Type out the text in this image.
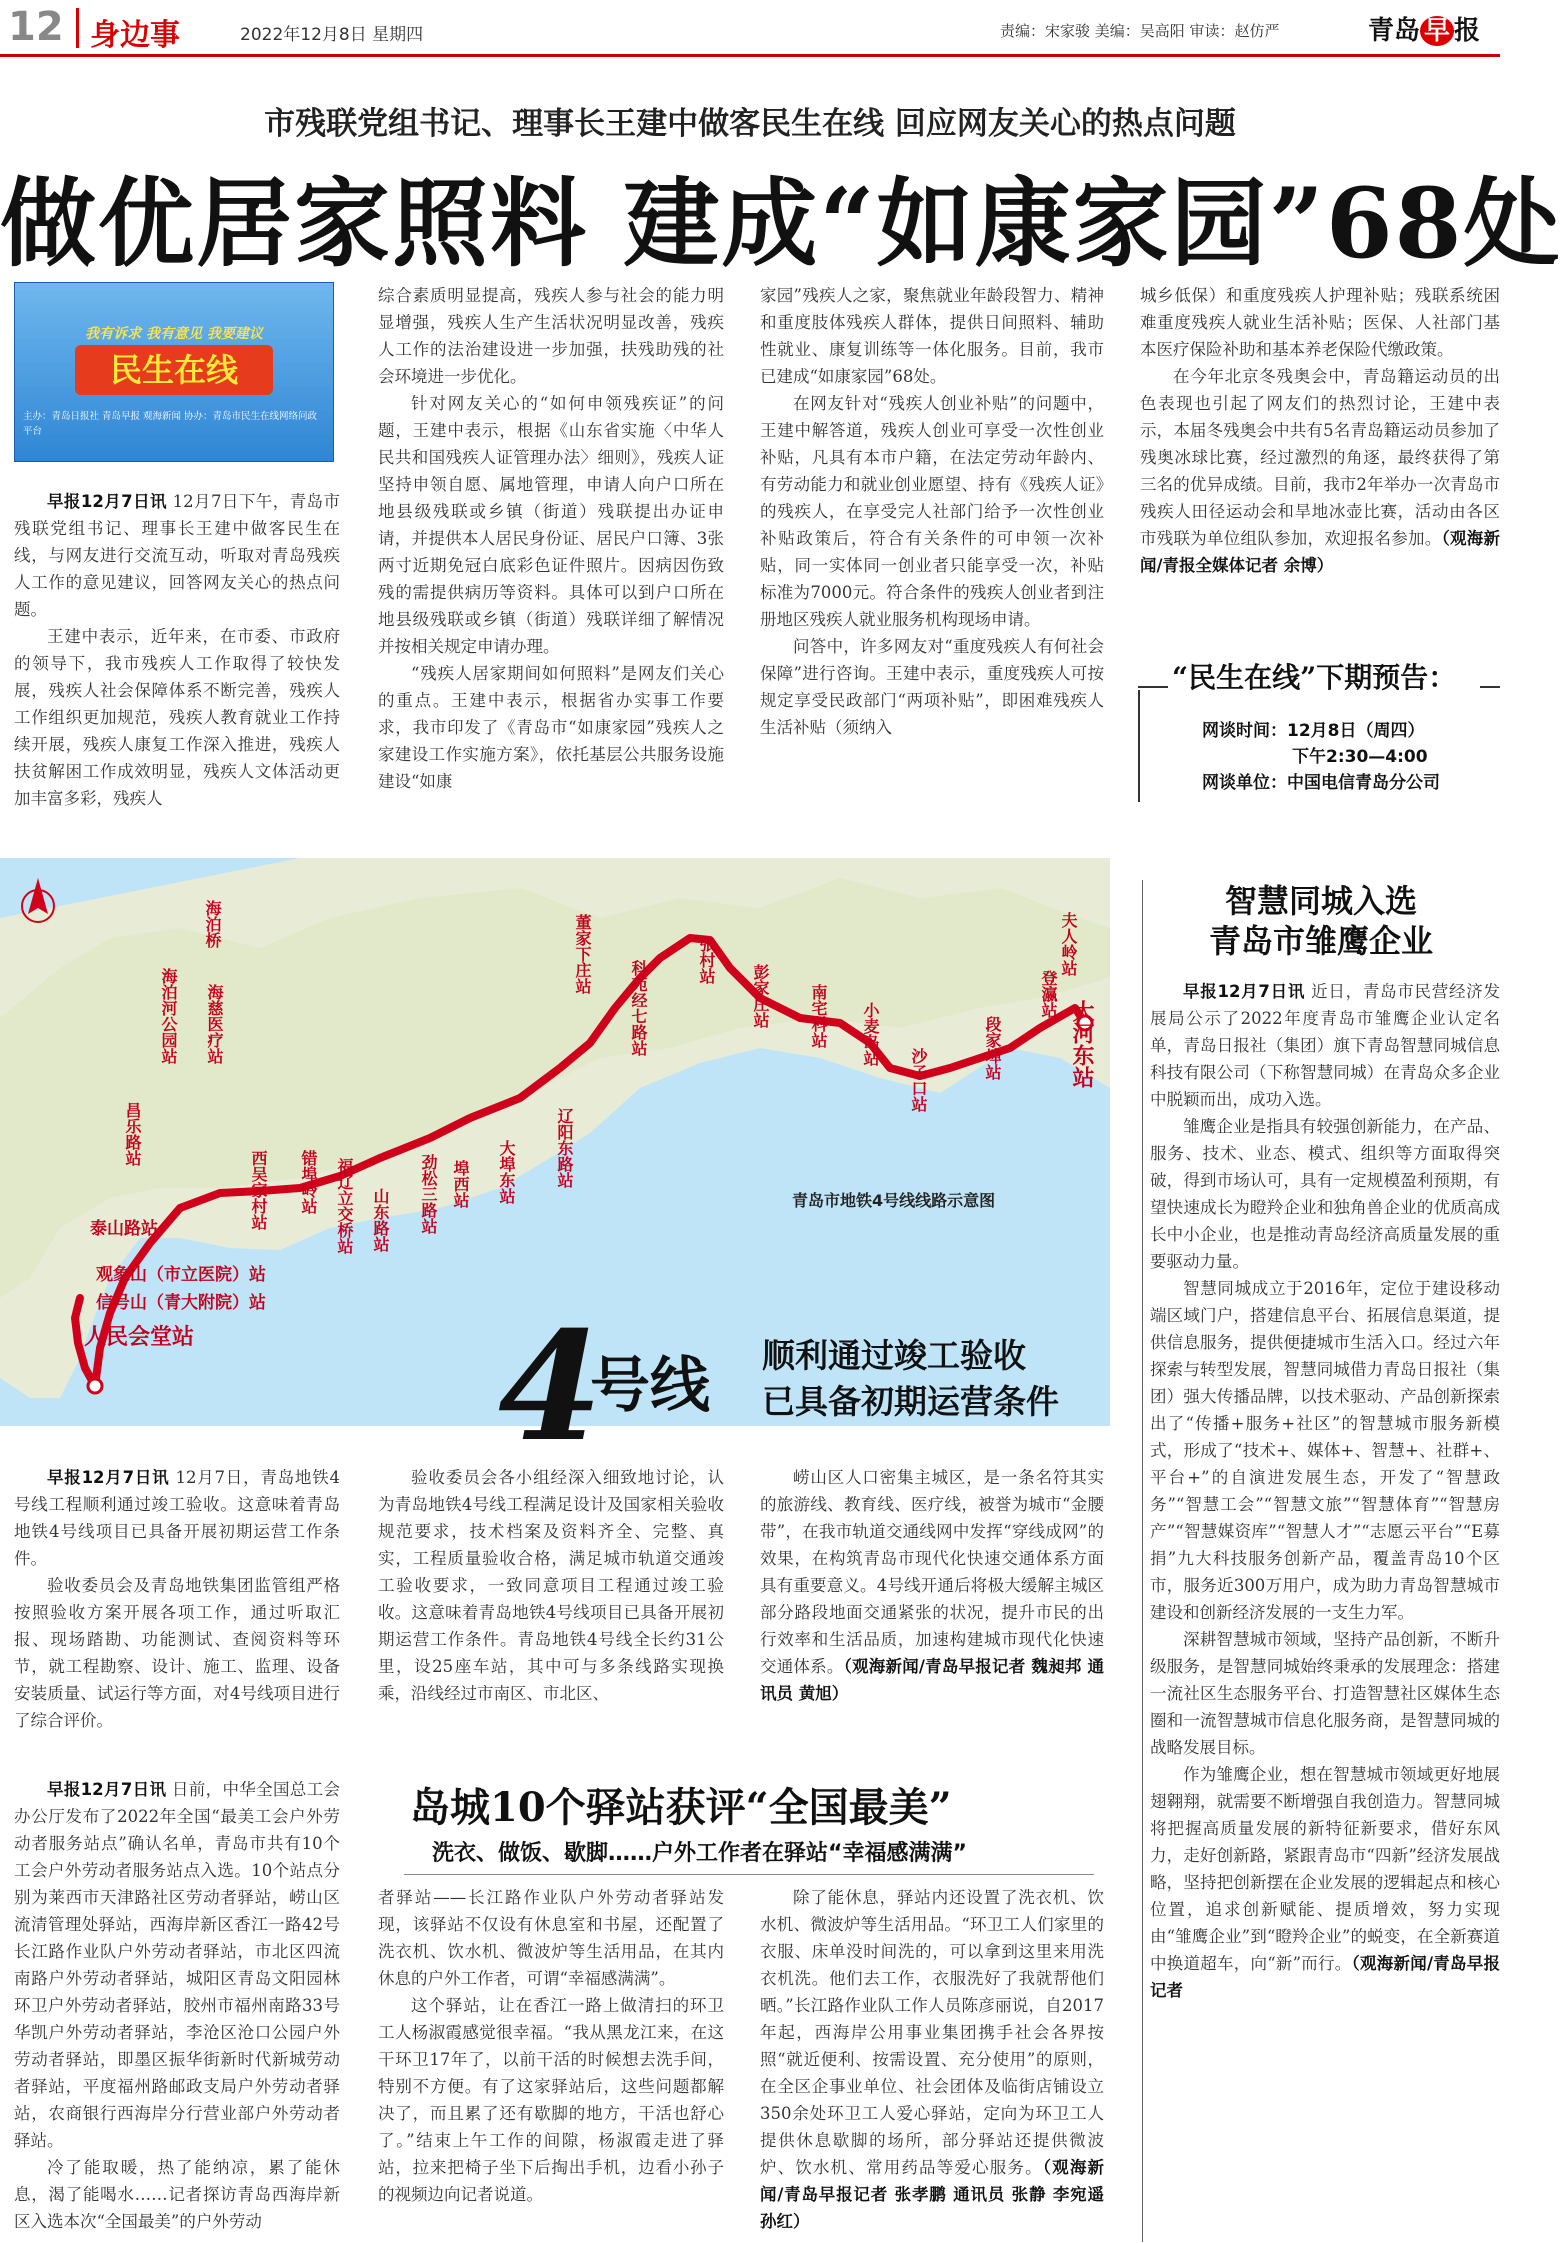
12 身边事	2022年12月8日 星期四	责编：宋家骏 美编：吴高阳 审读：赵仿严	青岛 早 报
市残联党组书记、理事长王建中做客民生在线 回应网友关心的热点问题
做优居家照料 建成“如康家园”68处
我有诉求 我有意见 我要建议
民生在线
主办：青岛日报社 青岛早报 观海新闻 协办：青岛市民生在线网络问政平台

早报12月7日讯 12月7日下午，青岛市残联党组书记、理事长王建中做客民生在线，与网友进行交流互动，听取对青岛残疾人工作的意见建议，回答网友关心的热点问题。

王建中表示，近年来，在市委、市政府的领导下，我市残疾人工作取得了较快发展，残疾人社会保障体系不断完善，残疾人工作组织更加规范，残疾人教育就业工作持续开展，残疾人康复工作深入推进，残疾人扶贫解困工作成效明显，残疾人文体活动更加丰富多彩，残疾人

综合素质明显提高，残疾人参与社会的能力明显增强，残疾人生产生活状况明显改善，残疾人工作的法治建设进一步加强，扶残助残的社会环境进一步优化。

针对网友关心的“如何申领残疾证”的问题，王建中表示，根据《山东省实施〈中华人民共和国残疾人证管理办法〉细则》，残疾人证坚持申领自愿、属地管理，申请人向户口所在地县级残联或乡镇（街道）残联提出办证申请，并提供本人居民身份证、居民户口簿、3张两寸近期免冠白底彩色证件照片。因病因伤致残的需提供病历等资料。具体可以到户口所在地县级残联或乡镇（街道）残联详细了解情况并按相关规定申请办理。

“残疾人居家期间如何照料”是网友们关心的重点。王建中表示，根据省办实事工作要求，我市印发了《青岛市“如康家园”残疾人之家建设工作实施方案》，依托基层公共服务设施建设“如康

家园”残疾人之家，聚焦就业年龄段智力、精神和重度肢体残疾人群体，提供日间照料、辅助性就业、康复训练等一体化服务。目前，我市已建成“如康家园”68处。

在网友针对“残疾人创业补贴”的问题中，王建中解答道，残疾人创业可享受一次性创业补贴，凡具有本市户籍，在法定劳动年龄内、有劳动能力和就业创业愿望、持有《残疾人证》的残疾人，在享受完人社部门给予一次性创业补贴政策后，符合有关条件的可申领一次补贴，同一实体同一创业者只能享受一次，补贴标准为7000元。符合条件的残疾人创业者到注册地区残疾人就业服务机构现场申请。

问答中，许多网友对“重度残疾人有何社会保障”进行咨询。王建中表示，重度残疾人可按规定享受民政部门“两项补贴”，即困难残疾人生活补贴（须纳入

城乡低保）和重度残疾人护理补贴；残联系统困难重度残疾人就业生活补贴；医保、人社部门基本医疗保险补助和基本养老保险代缴政策。

在今年北京冬残奥会中，青岛籍运动员的出色表现也引起了网友们的热烈讨论，王建中表示，本届冬残奥会中共有5名青岛籍运动员参加了残奥冰球比赛，经过激烈的角逐，最终获得了第三名的优异成绩。目前，我市2年举办一次青岛市残疾人田径运动会和旱地冰壶比赛，活动由各区市残联为单位组队参加，欢迎报名参加。（观海新闻/青报全媒体记者 余博）

“民生在线”下期预告：
网谈时间：12月8日（周四）
下午2:30—4:00
网谈单位：中国电信青岛分公司
海泊桥
海泊河公园站 海慈医疗站
昌乐路站
西吴家村站 错埠岭站 福辽立交桥站 山东路站 劲松三路站 埠西站 大埠东站 辽阳东路站
董家下庄站
科苑经七路站	张村站
彭家庄站 南宅科站 小麦岛站
沙子口站	段家埠站
登瀛站
夫人岭站
泰山路站
观象山（市立医院）站
信号山（青大附院）站
人民会堂站
大河东站
青岛市地铁4号线线路示意图
4
号线 顺利通过竣工验收
已具备初期运营条件

早报12月7日讯 12月7日，青岛地铁4号线工程顺利通过竣工验收。这意味着青岛地铁4号线项目已具备开展初期运营工作条件。

验收委员会及青岛地铁集团监管组严格按照验收方案开展各项工作，通过听取汇报、现场踏勘、功能测试、查阅资料等环节，就工程勘察、设计、施工、监理、设备安装质量、试运行等方面，对4号线项目进行了综合评价。

验收委员会各小组经深入细致地讨论，认为青岛地铁4号线工程满足设计及国家相关验收规范要求，技术档案及资料齐全、完整、真实，工程质量验收合格，满足城市轨道交通竣工验收要求，一致同意项目工程通过竣工验收。这意味着青岛地铁4号线项目已具备开展初期运营工作条件。青岛地铁4号线全长约31公里，设25座车站，其中可与多条线路实现换乘，沿线经过市南区、市北区、

崂山区人口密集主城区，是一条名符其实的旅游线、教育线、医疗线，被誉为城市“金腰带”，在我市轨道交通线网中发挥“穿线成网”的效果，在构筑青岛市现代化快速交通体系方面具有重要意义。4号线开通后将极大缓解主城区部分路段地面交通紧张的状况，提升市民的出行效率和生活品质，加速构建城市现代化快速交通体系。（观海新闻/青岛早报记者 魏昶邦 通讯员 黄旭）

智慧同城入选
青岛市雏鹰企业

早报12月7日讯 近日，青岛市民营经济发展局公示了2022年度青岛市雏鹰企业认定名单，青岛日报社（集团）旗下青岛智慧同城信息科技有限公司（下称智慧同城）在青岛众多企业中脱颖而出，成功入选。

雏鹰企业是指具有较强创新能力，在产品、服务、技术、业态、模式、组织等方面取得突破，得到市场认可，具有一定规模盈利预期，有望快速成长为瞪羚企业和独角兽企业的优质高成长中小企业，也是推动青岛经济高质量发展的重要驱动力量。

智慧同城成立于2016年，定位于建设移动端区域门户，搭建信息平台、拓展信息渠道，提供信息服务，提供便捷城市生活入口。经过六年探索与转型发展，智慧同城借力青岛日报社（集团）强大传播品牌，以技术驱动、产品创新探索出了“传播+服务+社区”的智慧城市服务新模式，形成了“技术+、媒体+、智慧+、社群+、平台+”的自演进发展生态，开发了“智慧政务”“智慧工会”“智慧文旅”“智慧体育”“智慧房产”“智慧媒资库”“智慧人才”“志愿云平台”“E募捐”九大科技服务创新产品，覆盖青岛10个区市，服务近300万用户，成为助力青岛智慧城市建设和创新经济发展的一支生力军。

深耕智慧城市领域，坚持产品创新，不断升级服务，是智慧同城始终秉承的发展理念：搭建一流社区生态服务平台、打造智慧社区媒体生态圈和一流智慧城市信息化服务商，是智慧同城的战略发展目标。

作为雏鹰企业，想在智慧城市领域更好地展翅翱翔，就需要不断增强自我创造力。智慧同城将把握高质量发展的新特征新要求，借好东风力，走好创新路，紧跟青岛市“四新”经济发展战略，坚持把创新摆在企业发展的逻辑起点和核心位置，追求创新赋能、提质增效，努力实现由“雏鹰企业”到“瞪羚企业”的蜕变，在全新赛道中换道超车，向“新”而行。（观海新闻/青岛早报记者

早报12月7日讯 日前，中华全国总工会办公厅发布了2022年全国“最美工会户外劳动者服务站点”确认名单，青岛市共有10个工会户外劳动者服务站点入选。10个站点分别为莱西市天津路社区劳动者驿站，崂山区流清管理处驿站，西海岸新区香江一路42号长江路作业队户外劳动者驿站，市北区四流南路户外劳动者驿站，城阳区青岛文阳园林环卫户外劳动者驿站，胶州市福州南路33号华凯户外劳动者驿站，李沧区沧口公园户外劳动者驿站，即墨区振华街新时代新城劳动者驿站，平度福州路邮政支局户外劳动者驿站，农商银行西海岸分行营业部户外劳动者驿站。

冷了能取暖，热了能纳凉，累了能休息，渴了能喝水……记者探访青岛西海岸新区入选本次“全国最美”的户外劳动

岛城10个驿站获评“全国最美”
洗衣、做饭、歇脚……户外工作者在驿站“幸福感满满”

者驿站——长江路作业队户外劳动者驿站发现，该驿站不仅设有休息室和书屋，还配置了洗衣机、饮水机、微波炉等生活用品，在其内休息的户外工作者，可谓“幸福感满满”。

这个驿站，让在香江一路上做清扫的环卫工人杨淑霞感觉很幸福。“我从黑龙江来，在这干环卫17年了，以前干活的时候想去洗手间，特别不方便。有了这家驿站后，这些问题都解决了，而且累了还有歇脚的地方，干活也舒心了。”结束上午工作的间隙，杨淑霞走进了驿站，拉来把椅子坐下后掏出手机，边看小孙子的视频边向记者说道。

除了能休息，驿站内还设置了洗衣机、饮水机、微波炉等生活用品。“环卫工人们家里的衣服、床单没时间洗的，可以拿到这里来用洗衣机洗。他们去工作，衣服洗好了我就帮他们晒。”长江路作业队工作人员陈彦丽说，自2017年起，西海岸公用事业集团携手社会各界按照“就近便利、按需设置、充分使用”的原则，在全区企事业单位、社会团体及临街店铺设立350余处环卫工人爱心驿站，定向为环卫工人提供休息歇脚的场所，部分驿站还提供微波炉、饮水机、常用药品等爱心服务。（观海新闻/青岛早报记者 张孝鹏 通讯员 张静 李宛遥 孙红）
